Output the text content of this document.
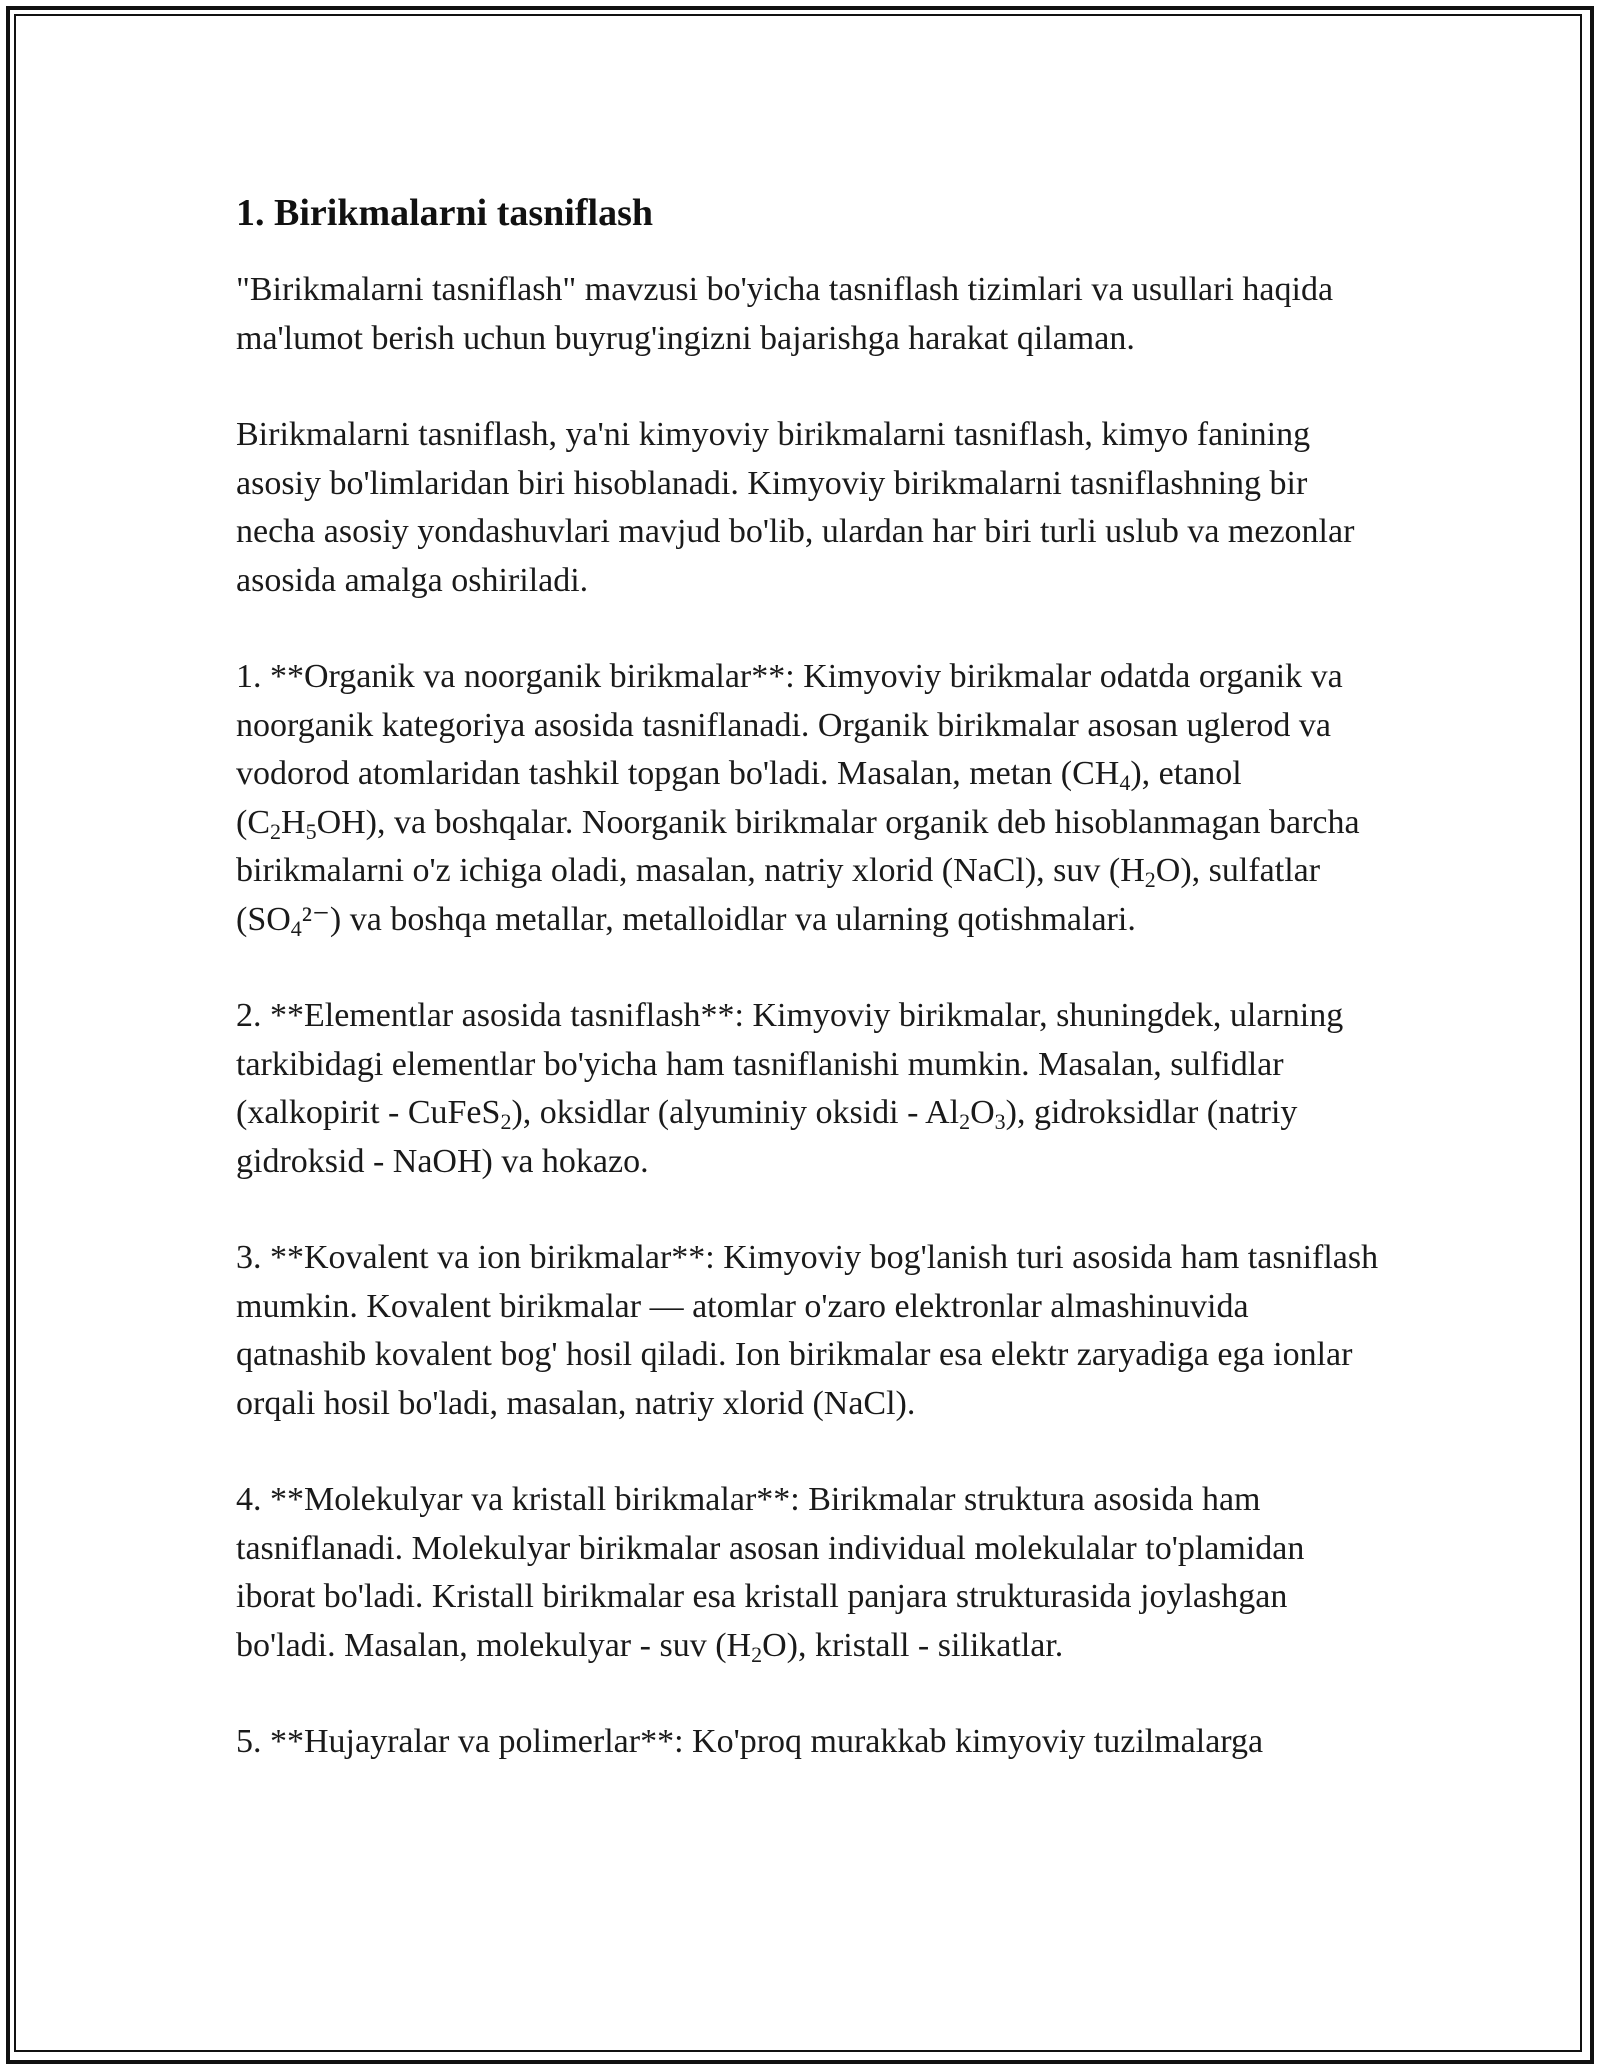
1. Birikmalarni tasniflash

"Birikmalarni tasniflash" mavzusi bo'yicha tasniflash tizimlari va usullari haqida ma'lumot berish uchun buyrug'ingizni bajarishga harakat qilaman.

Birikmalarni tasniflash, ya'ni kimyoviy birikmalarni tasniflash, kimyo fanining asosiy bo'limlaridan biri hisoblanadi. Kimyoviy birikmalarni tasniflashning bir necha asosiy yondashuvlari mavjud bo'lib, ulardan har biri turli uslub va mezonlar asosida amalga oshiriladi.

1. **Organik va noorganik birikmalar**: Kimyoviy birikmalar odatda organik va noorganik kategoriya asosida tasniflanadi. Organik birikmalar asosan uglerod va vodorod atomlaridan tashkil topgan bo'ladi. Masalan, metan $(CH_4)$, etanol $(C_2H_5OH)$, va boshqalar. Noorganik birikmalar organik deb hisoblanmagan barcha birikmalarni o'z ichiga oladi, masalan, natriy xlorid (NaCl), suv $(H_2O)$, sulfatlar $(SO_4^{2-})$ va boshqa metallar, metalloidlar va ularning qotishmalari.

2. **Elementlar asosida tasniflash**: Kimyoviy birikmalar, shuningdek, ularning tarkibidagi elementlar bo'yicha ham tasniflanishi mumkin. Masalan, sulfidlar (xalkopirit - CuFeS$_2$), oksidlar (alyuminiy oksidi - $Al_2O_3$), gidroksidlar (natriy gidroksid - NaOH) va hokazo.

3. **Kovalent va ion birikmalar**: Kimyoviy bog'lanish turi asosida ham tasniflash mumkin. Kovalent birikmalar — atomlar o'zaro elektronlar almashinuvida qatnashib kovalent bog' hosil qiladi. Ion birikmalar esa elektr zaryadiga ega ionlar orqali hosil bo'ladi, masalan, natriy xlorid (NaCl).

4. **Molekulyar va kristall birikmalar**: Birikmalar struktura asosida ham tasniflanadi. Molekulyar birikmalar asosan individual molekulalar to'plamidan iborat bo'ladi. Kristall birikmalar esa kristall panjara strukturasida joylashgan bo'ladi. Masalan, molekulyar - suv $(H_2O)$, kristall - silikatlar.

5. **Hujayralar va polimerlar**: Ko'proq murakkab kimyoviy tuzilmalarga
